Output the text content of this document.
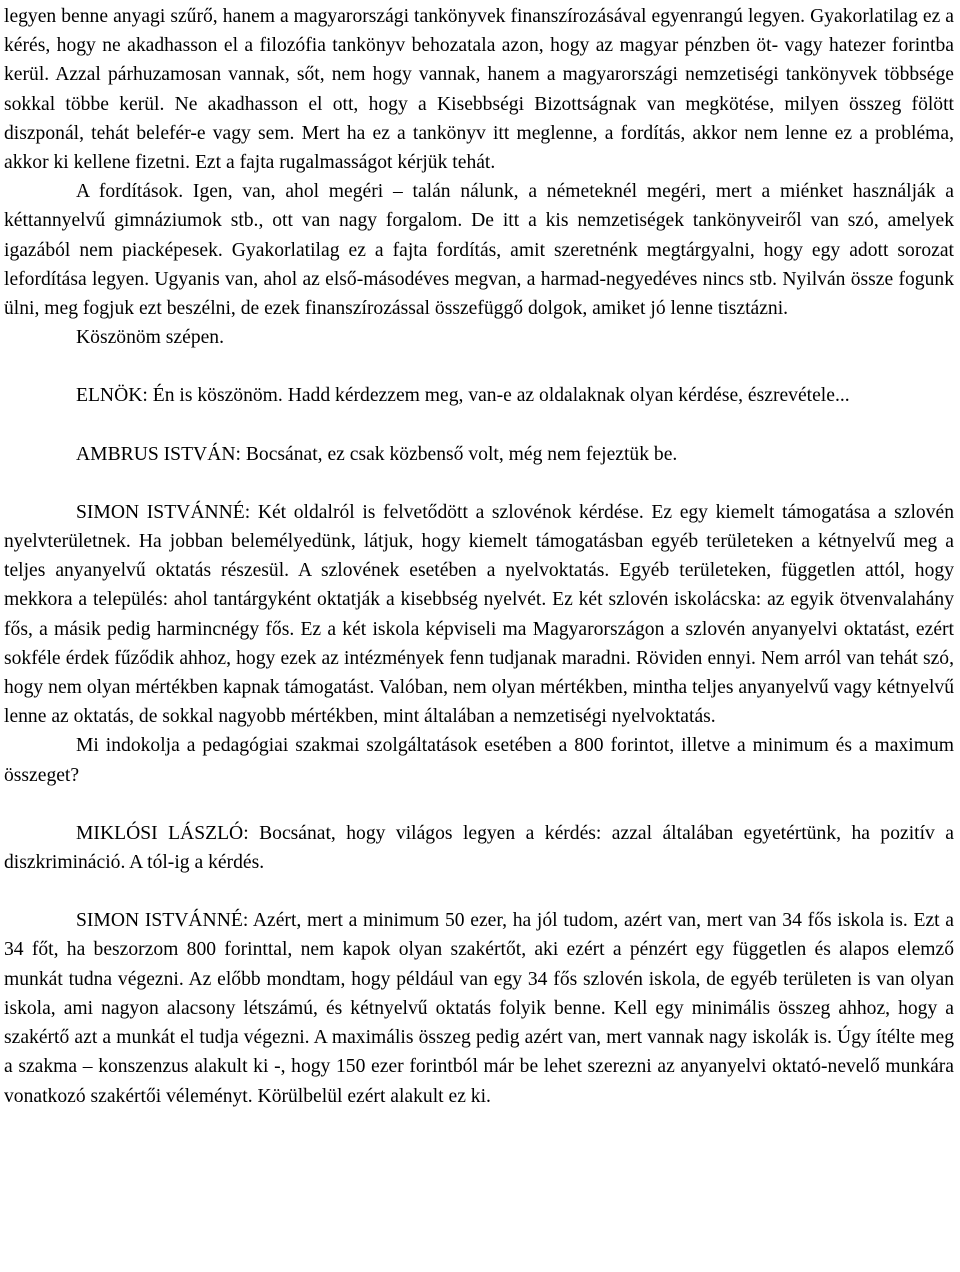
legyen benne anyagi szűrő, hanem a magyarországi tankönyvek finanszírozásával egyenrangú legyen. Gyakorlatilag ez a kérés, hogy ne akadhasson el a filozófia tankönyv behozatala azon, hogy az magyar pénzben öt- vagy hatezer forintba kerül. Azzal párhuzamosan vannak, sőt, nem hogy vannak, hanem a magyarországi nemzetiségi tankönyvek többsége sokkal többe kerül. Ne akadhasson el ott, hogy a Kisebbségi Bizottságnak van megkötése, milyen összeg fölött diszponál, tehát belefér-e vagy sem. Mert ha ez a tankönyv itt meglenne, a fordítás, akkor nem lenne ez a probléma, akkor ki kellene fizetni. Ezt a fajta rugalmasságot kérjük tehát.

A fordítások. Igen, van, ahol megéri – talán nálunk, a németeknél megéri, mert a miénket használják a kéttannyelvű gimnáziumok stb., ott van nagy forgalom. De itt a kis nemzetiségek tankönyveiről van szó, amelyek igazából nem piacképesek. Gyakorlatilag ez a fajta fordítás, amit szeretnénk megtárgyalni, hogy egy adott sorozat lefordítása legyen. Ugyanis van, ahol az első-másodéves megvan, a harmad-negyedéves nincs stb. Nyilván össze fogunk ülni, meg fogjuk ezt beszélni, de ezek finanszírozással összefüggő dolgok, amiket jó lenne tisztázni.

Köszönöm szépen.

ELNÖK: Én is köszönöm. Hadd kérdezzem meg, van-e az oldalaknak olyan kérdése, észrevétele...

AMBRUS ISTVÁN: Bocsánat, ez csak közbenső volt, még nem fejeztük be.

SIMON ISTVÁNNÉ: Két oldalról is felvetődött a szlovénok kérdése. Ez egy kiemelt támogatása a szlovén nyelvterületnek. Ha jobban belemélyedünk, látjuk, hogy kiemelt támogatásban egyéb területeken a kétnyelvű meg a teljes anyanyelvű oktatás részesül. A szlovének esetében a nyelvoktatás. Egyéb területeken, független attól, hogy mekkora a település: ahol tantárgyként oktatják a kisebbség nyelvét. Ez két szlovén iskolácska: az egyik ötvenvalahány fős, a másik pedig harmincnégy fős. Ez a két iskola képviseli ma Magyarországon a szlovén anyanyelvi oktatást, ezért sokféle érdek fűződik ahhoz, hogy ezek az intézmények fenn tudjanak maradni. Röviden ennyi. Nem arról van tehát szó, hogy nem olyan mértékben kapnak támogatást. Valóban, nem olyan mértékben, mintha teljes anyanyelvű vagy kétnyelvű lenne az oktatás, de sokkal nagyobb mértékben, mint általában a nemzetiségi nyelvoktatás.

Mi indokolja a pedagógiai szakmai szolgáltatások esetében a 800 forintot, illetve a minimum és a maximum összeget?

MIKLÓSI LÁSZLÓ: Bocsánat, hogy világos legyen a kérdés: azzal általában egyetértünk, ha pozitív a diszkrimináció. A tól-ig a kérdés.

SIMON ISTVÁNNÉ: Azért, mert a minimum 50 ezer, ha jól tudom, azért van, mert van 34 fős iskola is. Ezt a 34 főt, ha beszorzom 800 forinttal, nem kapok olyan szakértőt, aki ezért a pénzért egy független és alapos elemző munkát tudna végezni. Az előbb mondtam, hogy például van egy 34 fős szlovén iskola, de egyéb területen is van olyan iskola, ami nagyon alacsony létszámú, és kétnyelvű oktatás folyik benne. Kell egy minimális összeg ahhoz, hogy a szakértő azt a munkát el tudja végezni. A maximális összeg pedig azért van, mert vannak nagy iskolák is. Úgy ítélte meg a szakma – konszenzus alakult ki -, hogy 150 ezer forintból már be lehet szerezni az anyanyelvi oktató-nevelő munkára vonatkozó szakértői véleményt. Körülbelül ezért alakult ez ki.
